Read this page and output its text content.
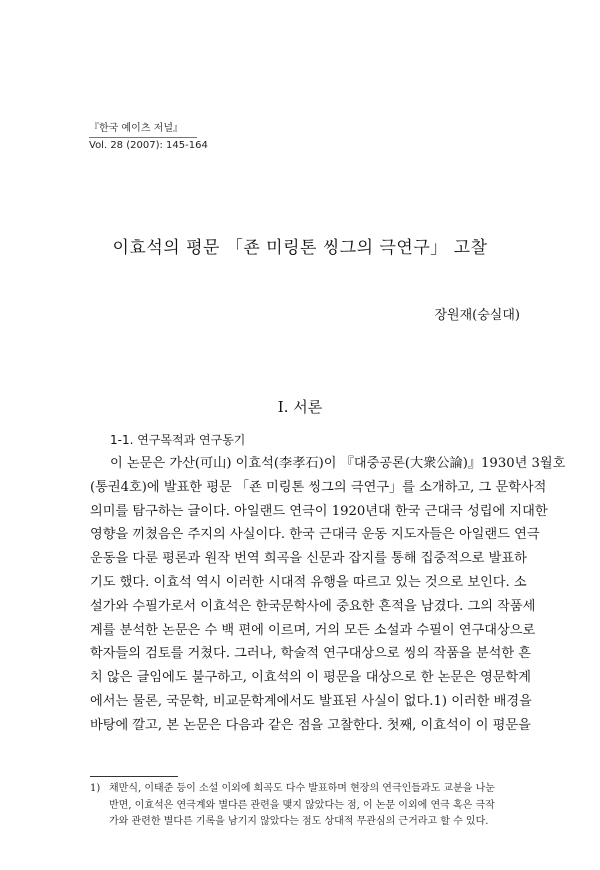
『한국 예이츠 저널』
Vol. 28 (2007): 145-164
이효석의 평문 「죤 미링톤 씽그의 극연구」 고찰
장원재(숭실대)
I. 서론
1-1. 연구목적과 연구동기
이 논문은 가산(可山) 이효석(李孝石)이 『대중공론(大衆公論)』1930년 3월호
(통권4호)에 발표한 평문 「죤 미링톤 씽그의 극연구」를 소개하고, 그 문학사적
의미를 탐구하는 글이다. 아일랜드 연극이 1920년대 한국 근대극 성립에 지대한
영향을 끼쳤음은 주지의 사실이다. 한국 근대극 운동 지도자들은 아일랜드 연극
운동을 다룬 평론과 원작 번역 희곡을 신문과 잡지를 통해 집중적으로 발표하
기도 했다. 이효석 역시 이러한 시대적 유행을 따르고 있는 것으로 보인다. 소
설가와 수필가로서 이효석은 한국문학사에 중요한 흔적을 남겼다. 그의 작품세
계를 분석한 논문은 수 백 편에 이르며, 거의 모든 소설과 수필이 연구대상으로
학자들의 검토를 거쳤다. 그러나, 학술적 연구대상으로 씽의 작품을 분석한 흔
치 않은 글임에도 불구하고, 이효석의 이 평문을 대상으로 한 논문은 영문학계
에서는 물론, 국문학, 비교문학계에서도 발표된 사실이 없다.1) 이러한 배경을
바탕에 깔고, 본 논문은 다음과 같은 점을 고찰한다. 첫째, 이효석이 이 평문을
1) 채만식, 이태준 등이 소설 이외에 희곡도 다수 발표하며 현장의 연극인들과도 교분을 나눈
반면, 이효석은 연극계와 별다른 관련을 맺지 않았다는 점, 이 논문 이외에 연극 혹은 극작
가와 관련한 별다른 기록을 남기지 않았다는 점도 상대적 무관심의 근거라고 할 수 있다.
